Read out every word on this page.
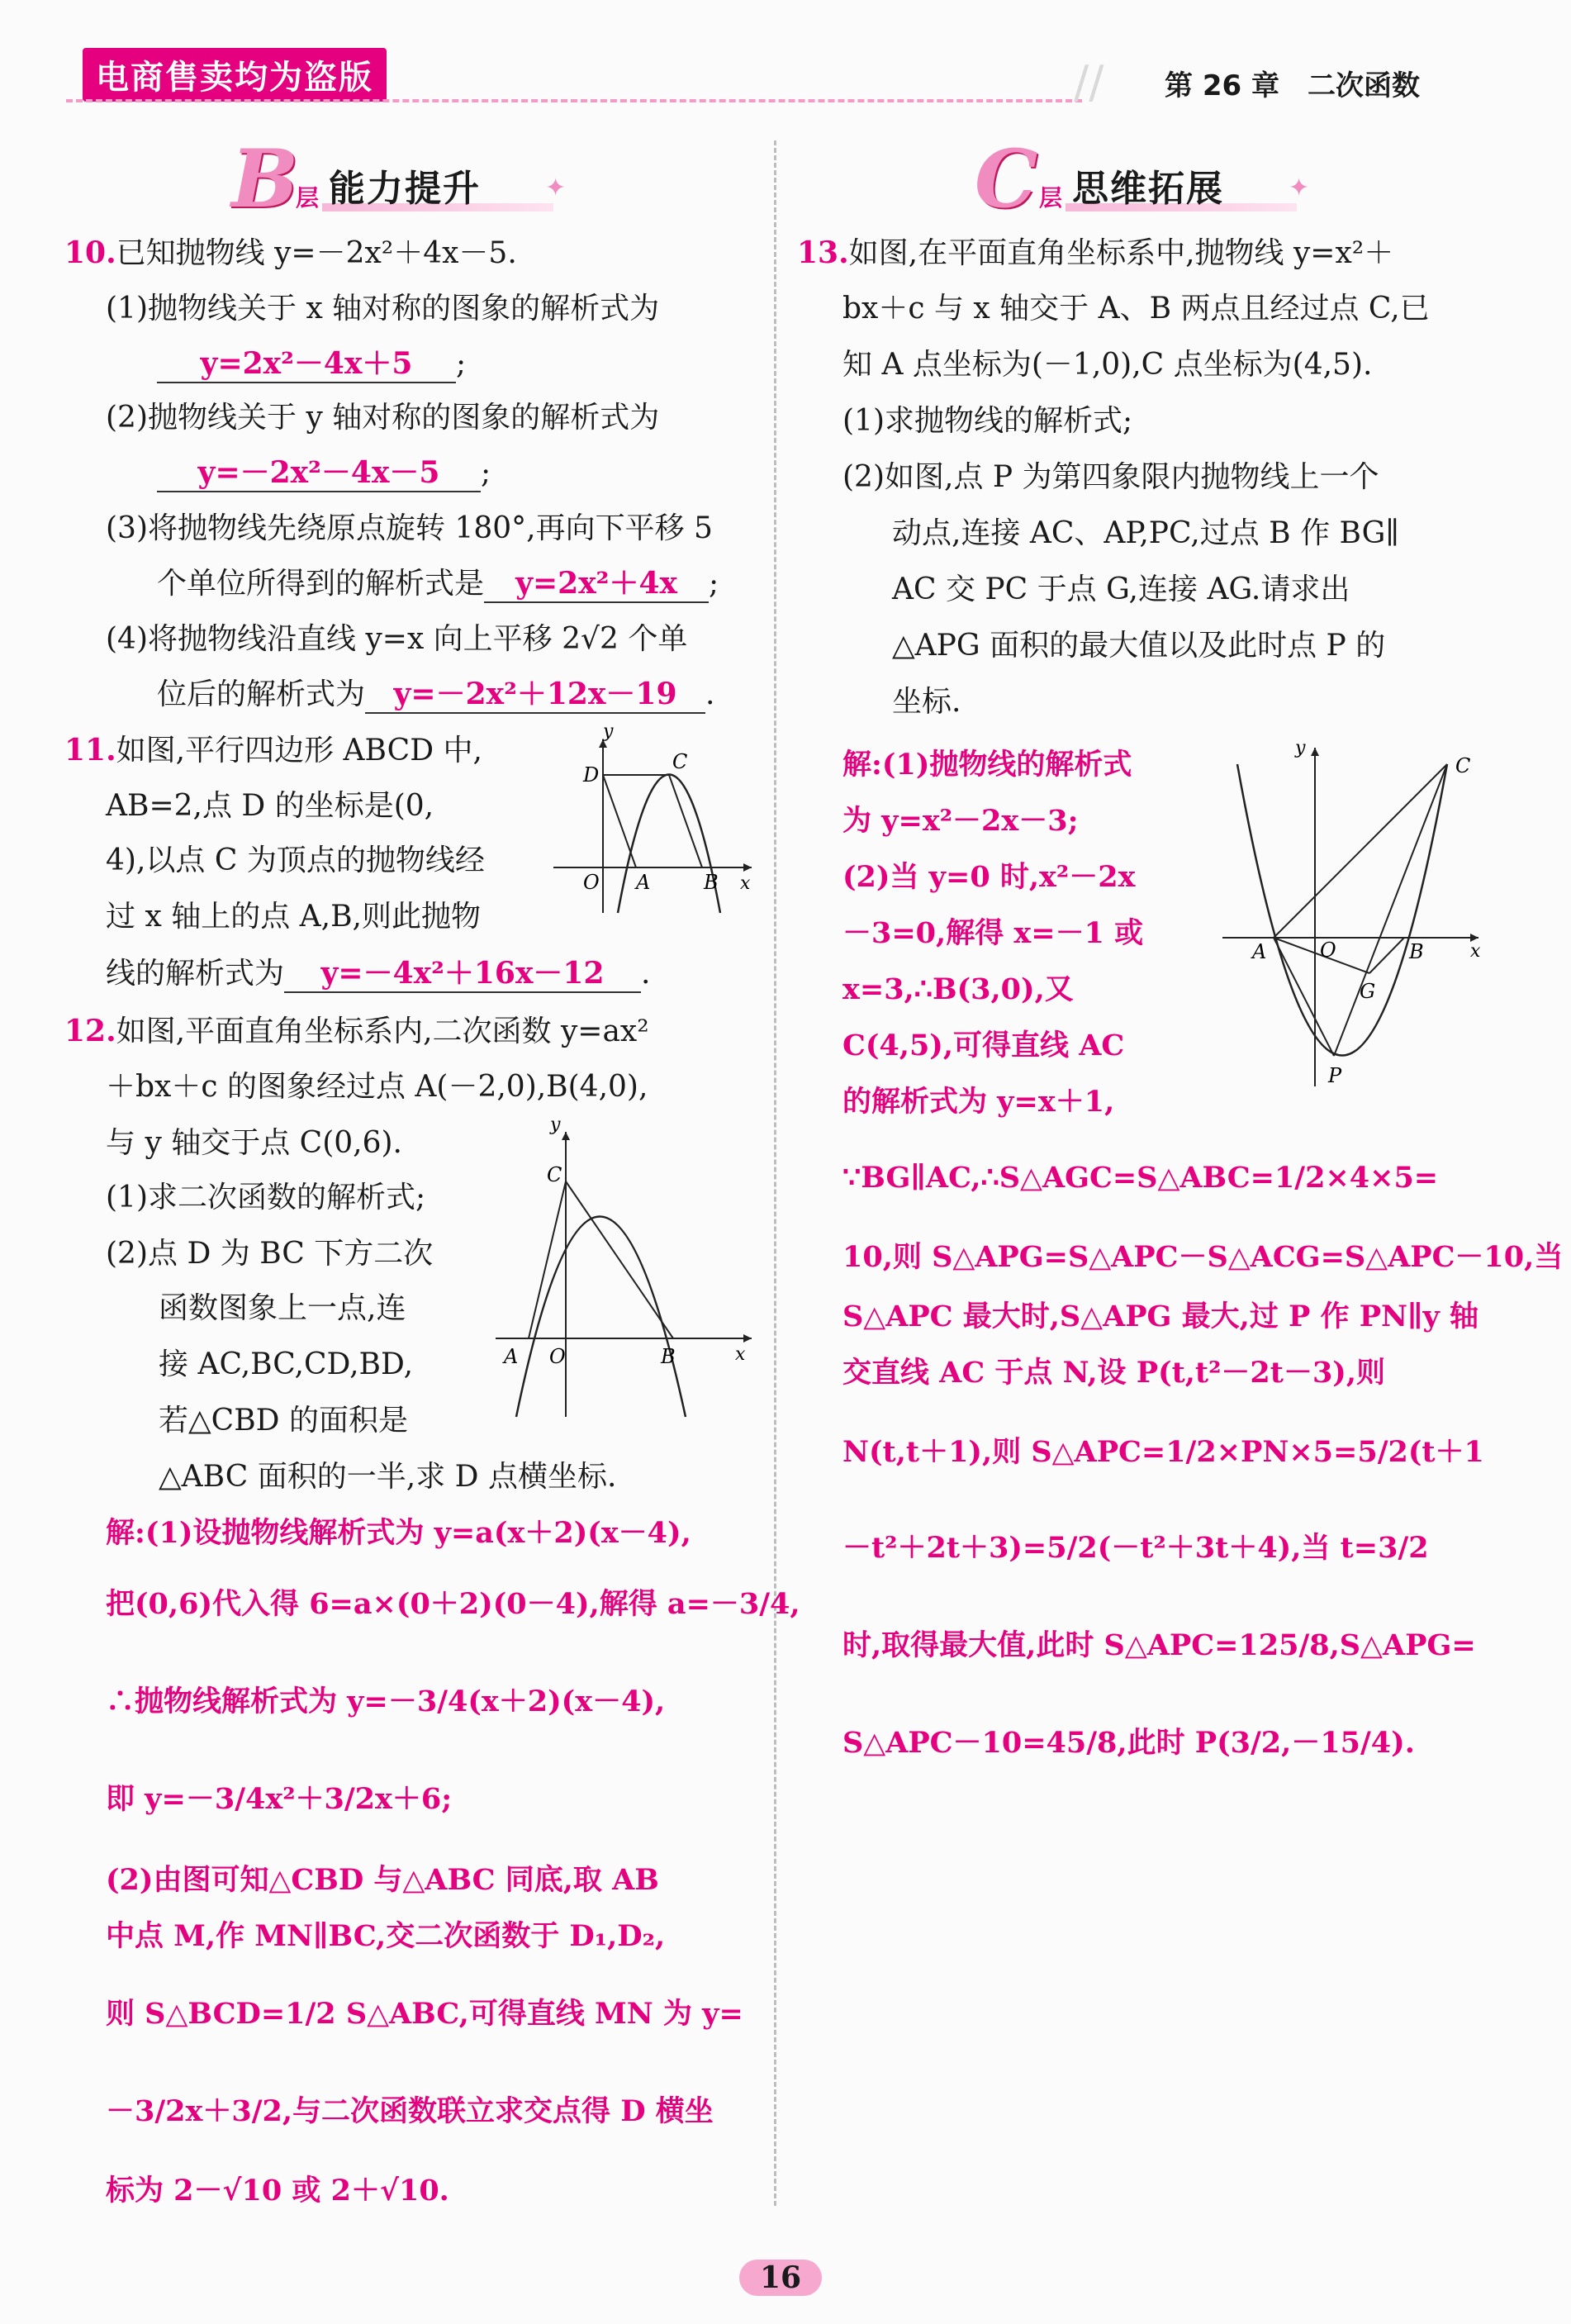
电商售卖均为盗版	// 第 26 章　二次函数
B
层 能力提升	✦	C 层 思维拓展	✦
10.已知抛物线 y=－2x²＋4x－5.
(1)抛物线关于 x 轴对称的图象的解析式为
y=2x²－4x＋5 ;
(2)抛物线关于 y 轴对称的图象的解析式为
y=－2x²－4x－5 ;
(3)将抛物线先绕原点旋转 180°,再向下平移 5
个单位所得到的解析式是 y=2x²＋4x ;
(4)将抛物线沿直线 y=x 向上平移 2√2 个单
位后的解析式为 y=－2x²＋12x－19 .
11.如图,平行四边形 ABCD 中,
AB=2,点 D 的坐标是(0,
4),以点 C 为顶点的抛物线经
过 x 轴上的点 A,B,则此抛物
线的解析式为 y=－4x²＋16x－12 .
y
D
C
O A	B x
12.如图,平面直角坐标系内,二次函数 y=ax²
＋bx＋c 的图象经过点 A(－2,0),B(4,0),
与 y 轴交于点 C(0,6).
(1)求二次函数的解析式;
(2)点 D 为 BC 下方二次
函数图象上一点,连
接 AC,BC,CD,BD,
若△CBD 的面积是
△ABC 面积的一半,求 D 点横坐标.
y
C
A O	B	x
解:(1)设抛物线解析式为 y=a(x＋2)(x－4),
把(0,6)代入得 6=a×(0＋2)(0－4),解得 a=－3/4,
∴抛物线解析式为 y=－3/4(x＋2)(x－4),
即 y=－3/4x²＋3/2x＋6;
(2)由图可知△CBD 与△ABC 同底,取 AB
中点 M,作 MN∥BC,交二次函数于 D₁,D₂,
则 S△BCD=1/2 S△ABC,可得直线 MN 为 y=
－3/2x＋3/2,与二次函数联立求交点得 D 横坐
标为 2－√10 或 2＋√10.
13.如图,在平面直角坐标系中,抛物线 y=x²＋
bx＋c 与 x 轴交于 A、B 两点且经过点 C,已
知 A 点坐标为(－1,0),C 点坐标为(4,5).
(1)求抛物线的解析式;
(2)如图,点 P 为第四象限内抛物线上一个
动点,连接 AC、AP,PC,过点 B 作 BG∥
AC 交 PC 于点 G,连接 AG.请求出
△APG 面积的最大值以及此时点 P 的
坐标.
y
C
A	O	B
G
P
x
解:(1)抛物线的解析式
为 y=x²－2x－3;
(2)当 y=0 时,x²－2x
－3=0,解得 x=－1 或
x=3,∴B(3,0),又
C(4,5),可得直线 AC
的解析式为 y=x＋1,
∵BG∥AC,∴S△AGC=S△ABC=1/2×4×5=
10,则 S△APG=S△APC－S△ACG=S△APC－10,当
S△APC 最大时,S△APG 最大,过 P 作 PN∥y 轴
交直线 AC 于点 N,设 P(t,t²－2t－3),则
N(t,t＋1),则 S△APC=1/2×PN×5=5/2(t＋1
－t²＋2t＋3)=5/2(－t²＋3t＋4),当 t=3/2
时,取得最大值,此时 S△APC=125/8,S△APG=
S△APC－10=45/8,此时 P(3/2,－15/4).
16
